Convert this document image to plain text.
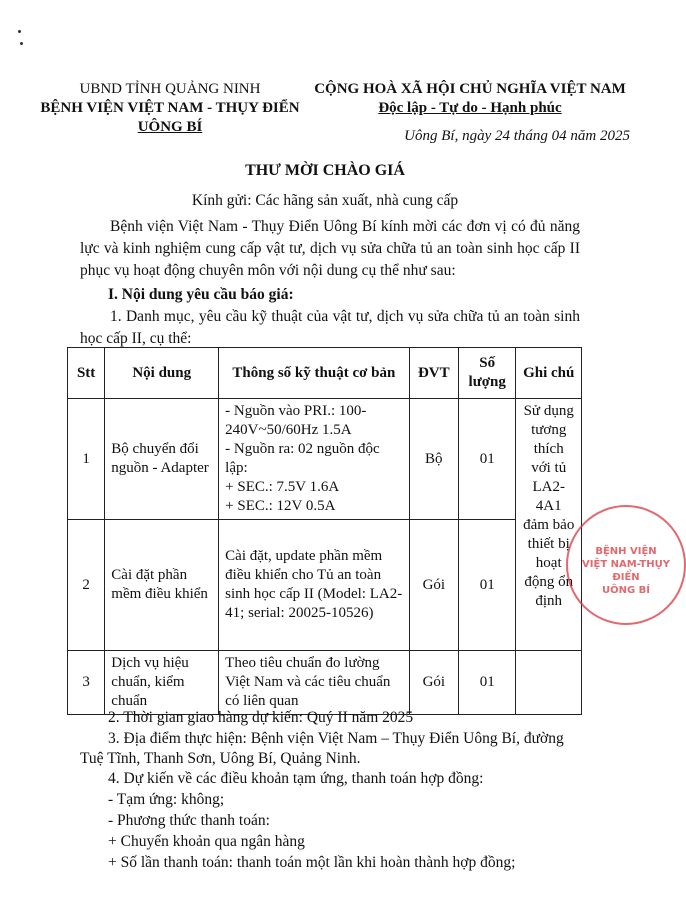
UBND TỈNH QUẢNG NINH
BỆNH VIỆN VIỆT NAM - THỤY ĐIỂN
UÔNG BÍ
CỘNG HOÀ XÃ HỘI CHỦ NGHĨA VIỆT NAM
Độc lập - Tự do - Hạnh phúc
Uông Bí, ngày 24 tháng 04 năm 2025
THƯ MỜI CHÀO GIÁ
Kính gửi: Các hãng sản xuất, nhà cung cấp
Bệnh viện Việt Nam - Thụy Điển Uông Bí kính mời các đơn vị có đủ năng lực và kinh nghiệm cung cấp vật tư, dịch vụ sửa chữa tủ an toàn sinh học cấp II phục vụ hoạt động chuyên môn với nội dung cụ thể như sau:
I. Nội dung yêu cầu báo giá:
1. Danh mục, yêu cầu kỹ thuật của vật tư, dịch vụ sửa chữa tủ an toàn sinh học cấp II, cụ thể:
Stt	Nội dung	Thông số kỹ thuật cơ bản	ĐVT	Số lượng	Ghi chú
1	Bộ chuyển đổi nguồn - Adapter	- Nguồn vào PRI.: 100-240V~50/60Hz 1.5A
- Nguồn ra: 02 nguồn độc lập:
+ SEC.: 7.5V 1.6A
+ SEC.: 12V 0.5A	Bộ	01	Sử dụng tương thích với tủ LA2-4A1 đảm bảo thiết bị hoạt động ổn định
2	Cài đặt phần mềm điều khiển	Cài đặt, update phần mềm điều khiển cho Tủ an toàn sinh học cấp II (Model: LA2-41; serial: 20025-10526)	Gói	01	
3	Dịch vụ hiệu chuẩn, kiểm chuẩn	Theo tiêu chuẩn đo lường Việt Nam và các tiêu chuẩn có liên quan	Gói	01	
BỆNH VIỆN
VIỆT NAM-THỤY ĐIỂN
UÔNG BÍ
2. Thời gian giao hàng dự kiến: Quý II năm 2025
3. Địa điểm thực hiện: Bệnh viện Việt Nam – Thụy Điển Uông Bí, đường
Tuệ Tĩnh, Thanh Sơn, Uông Bí, Quảng Ninh.
4. Dự kiến về các điều khoản tạm ứng, thanh toán hợp đồng:
- Tạm ứng: không;
- Phương thức thanh toán:
+ Chuyển khoản qua ngân hàng
+ Số lần thanh toán: thanh toán một lần khi hoàn thành hợp đồng;
